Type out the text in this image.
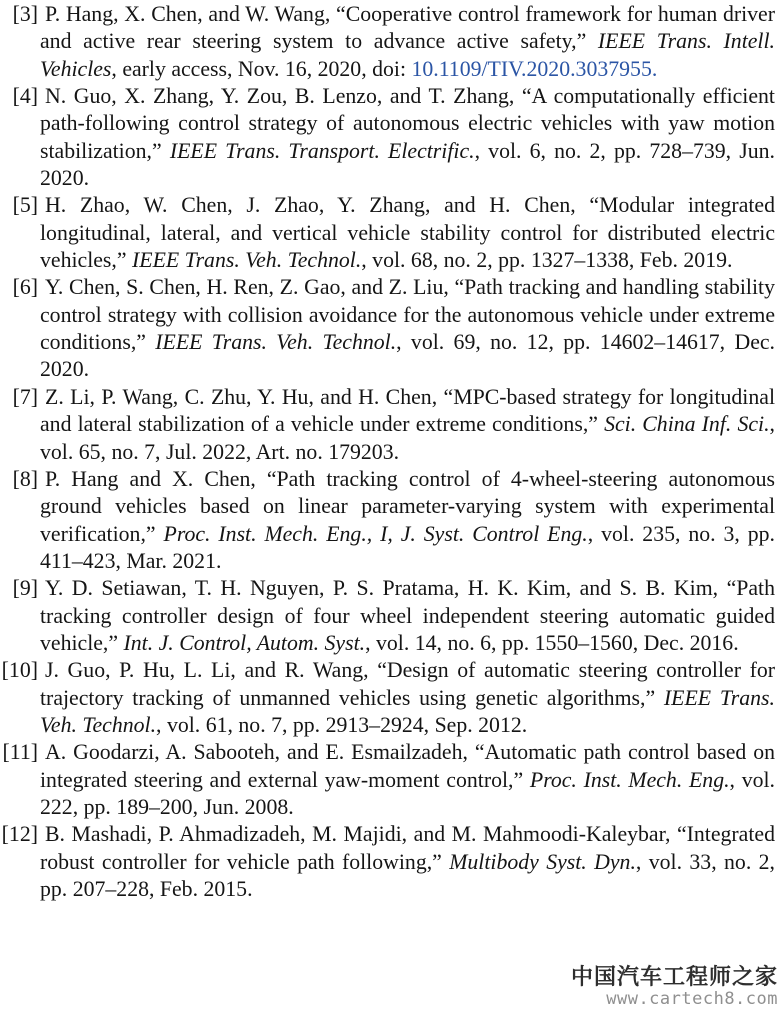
[3] P. Hang, X. Chen, and W. Wang, “Cooperative control framework for human driver and active rear steering system to advance active safety,” IEEE Trans. Intell. Vehicles, early access, Nov. 16, 2020, doi: 10.1109/TIV.2020.3037955.
[4] N. Guo, X. Zhang, Y. Zou, B. Lenzo, and T. Zhang, “A computationally efficient path-following control strategy of autonomous electric vehicles with yaw motion stabilization,” IEEE Trans. Transport. Electrific., vol. 6, no. 2, pp. 728–739, Jun. 2020.
[5] H. Zhao, W. Chen, J. Zhao, Y. Zhang, and H. Chen, “Modular integrated longitudinal, lateral, and vertical vehicle stability control for distributed electric vehicles,” IEEE Trans. Veh. Technol., vol. 68, no. 2, pp. 1327–1338, Feb. 2019.
[6] Y. Chen, S. Chen, H. Ren, Z. Gao, and Z. Liu, “Path tracking and handling stability control strategy with collision avoidance for the autonomous vehicle under extreme conditions,” IEEE Trans. Veh. Technol., vol. 69, no. 12, pp. 14602–14617, Dec. 2020.
[7] Z. Li, P. Wang, C. Zhu, Y. Hu, and H. Chen, “MPC-based strategy for longitudinal and lateral stabilization of a vehicle under extreme conditions,” Sci. China Inf. Sci., vol. 65, no. 7, Jul. 2022, Art. no. 179203.
[8] P. Hang and X. Chen, “Path tracking control of 4-wheel-steering autonomous ground vehicles based on linear parameter-varying system with experimental verification,” Proc. Inst. Mech. Eng., I, J. Syst. Control Eng., vol. 235, no. 3, pp. 411–423, Mar. 2021.
[9] Y. D. Setiawan, T. H. Nguyen, P. S. Pratama, H. K. Kim, and S. B. Kim, “Path tracking controller design of four wheel independent steering automatic guided vehicle,” Int. J. Control, Autom. Syst., vol. 14, no. 6, pp. 1550–1560, Dec. 2016.
[10] J. Guo, P. Hu, L. Li, and R. Wang, “Design of automatic steering controller for trajectory tracking of unmanned vehicles using genetic algorithms,” IEEE Trans. Veh. Technol., vol. 61, no. 7, pp. 2913–2924, Sep. 2012.
[11] A. Goodarzi, A. Sabooteh, and E. Esmailzadeh, “Automatic path control based on integrated steering and external yaw-moment control,” Proc. Inst. Mech. Eng., vol. 222, pp. 189–200, Jun. 2008.
[12] B. Mashadi, P. Ahmadizadeh, M. Majidi, and M. Mahmoodi-Kaleybar, “Integrated robust controller for vehicle path following,” Multibody Syst. Dyn., vol. 33, no. 2, pp. 207–228, Feb. 2015.
中国汽车工程师之家
www.cartech8.com
